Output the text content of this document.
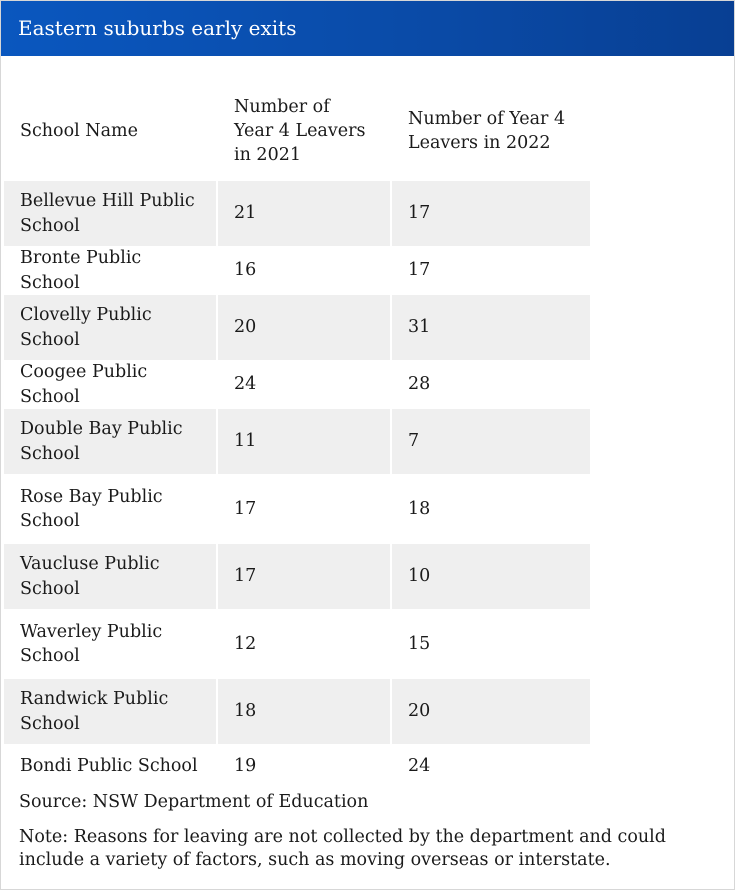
Eastern suburbs early exits
School Name	Number of Year 4 Leavers in 2021	Number of Year 4 Leavers in 2022
Bellevue Hill Public School	21	17
Bronte Public School	16	17
Clovelly Public School	20	31
Coogee Public School	24	28
Double Bay Public School	11	7
Rose Bay Public School	17	18
Vaucluse Public School	17	10
Waverley Public School	12	15
Randwick Public School	18	20
Bondi Public School	19	24
Source: NSW Department of Education
Note: Reasons for leaving are not collected by the department and could include a variety of factors, such as moving overseas or interstate.
